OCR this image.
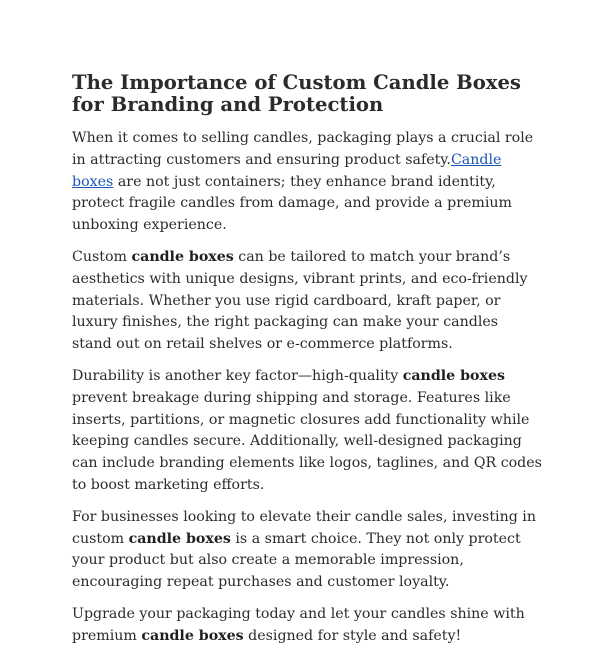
The Importance of Custom Candle Boxes for Branding and Protection

When it comes to selling candles, packaging plays a crucial role in attracting customers and ensuring product safety.Candle boxes are not just containers; they enhance brand identity, protect fragile candles from damage, and provide a premium unboxing experience.

Custom candle boxes can be tailored to match your brand’s aesthetics with unique designs, vibrant prints, and eco-friendly materials. Whether you use rigid cardboard, kraft paper, or luxury finishes, the right packaging can make your candles stand out on retail shelves or e-commerce platforms.

Durability is another key factor—high-quality candle boxes prevent breakage during shipping and storage. Features like inserts, partitions, or magnetic closures add functionality while keeping candles secure. Additionally, well-designed packaging can include branding elements like logos, taglines, and QR codes to boost marketing efforts.

For businesses looking to elevate their candle sales, investing in custom candle boxes is a smart choice. They not only protect your product but also create a memorable impression, encouraging repeat purchases and customer loyalty.

Upgrade your packaging today and let your candles shine with premium candle boxes designed for style and safety!
